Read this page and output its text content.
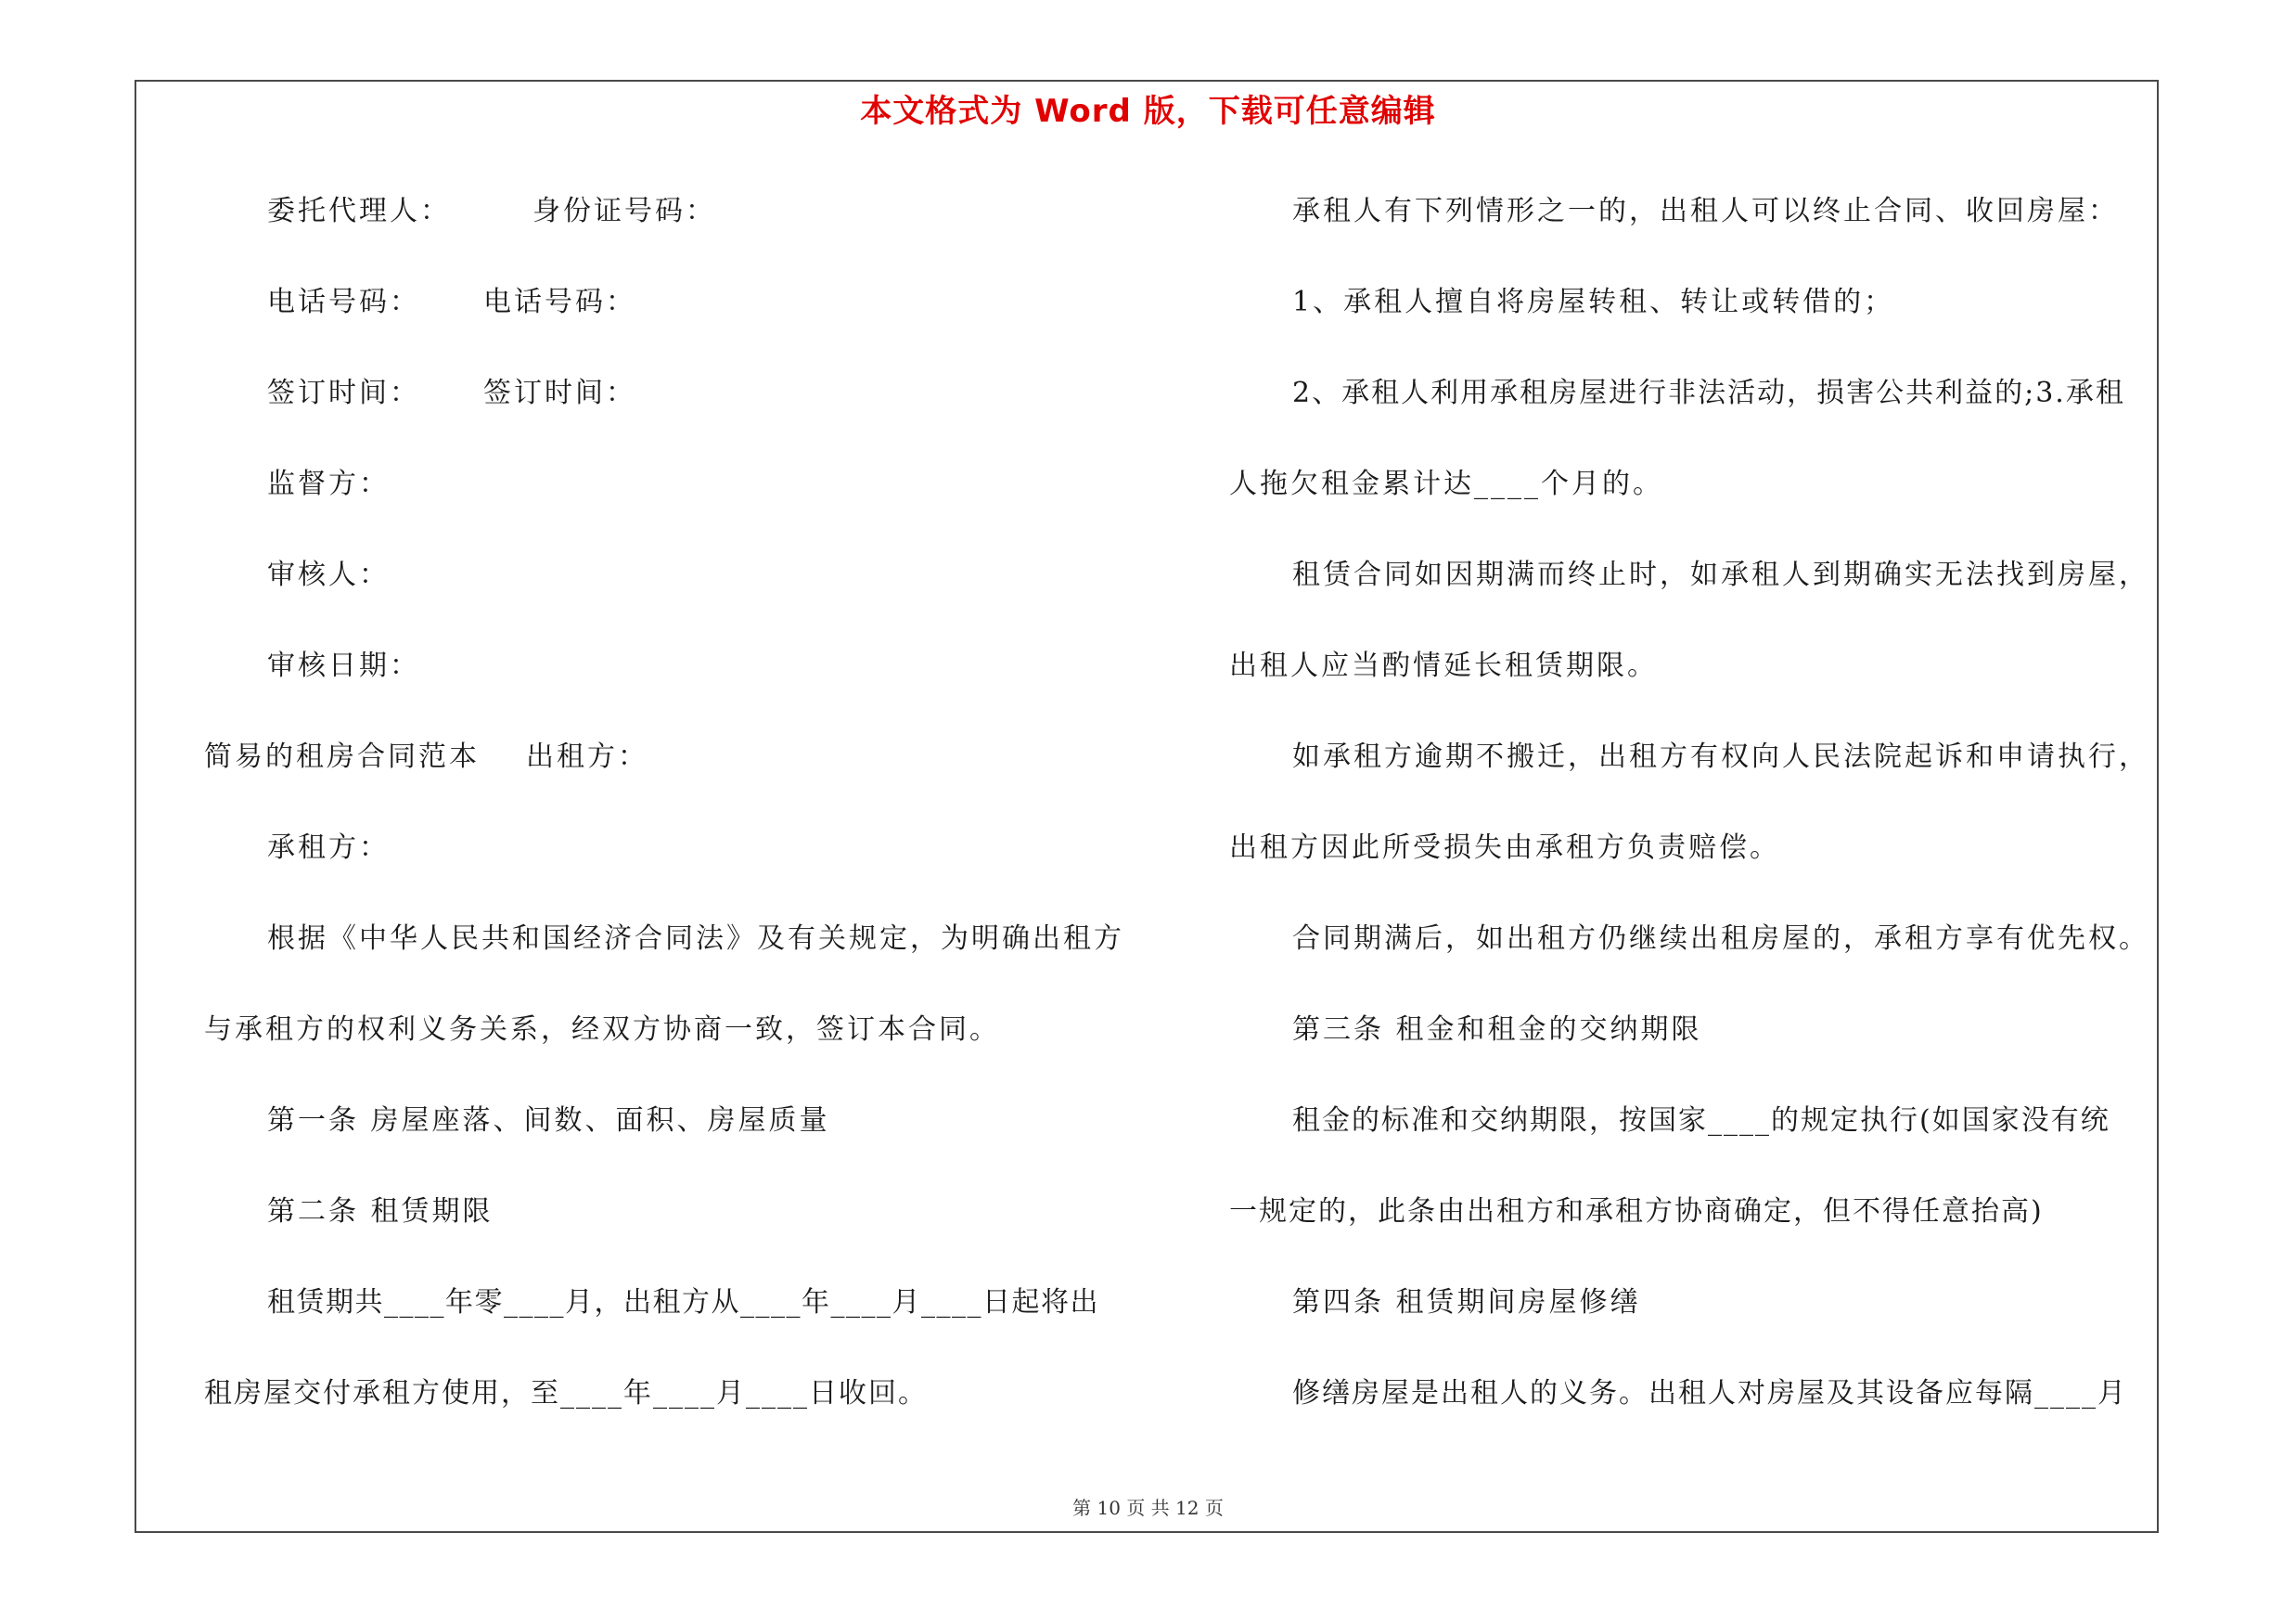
本文格式为 Word 版，下载可任意编辑
委托代理人：	身份证号码：
电话号码： 电话号码：
签订时间： 签订时间：
监督方：
审核人：
审核日期：
简易的租房合同范本 出租方：
承租方：
根据《中华人民共和国经济合同法》及有关规定，为明确出租方
与承租方的权利义务关系，经双方协商一致，签订本合同。
第一条 房屋座落、间数、面积、房屋质量
第二条 租赁期限
租赁期共____年零____月，出租方从____年____月____日起将出
租房屋交付承租方使用，至____年____月____日收回。
承租人有下列情形之一的，出租人可以终止合同、收回房屋：
1、承租人擅自将房屋转租、转让或转借的；
2、承租人利用承租房屋进行非法活动，损害公共利益的;3.承租
人拖欠租金累计达____个月的。
租赁合同如因期满而终止时，如承租人到期确实无法找到房屋，
出租人应当酌情延长租赁期限。
如承租方逾期不搬迁，出租方有权向人民法院起诉和申请执行，
出租方因此所受损失由承租方负责赔偿。
合同期满后，如出租方仍继续出租房屋的，承租方享有优先权。
第三条 租金和租金的交纳期限
租金的标准和交纳期限，按国家____的规定执行(如国家没有统
一规定的，此条由出租方和承租方协商确定，但不得任意抬高)
第四条 租赁期间房屋修缮
修缮房屋是出租人的义务。出租人对房屋及其设备应每隔____月
第 10 页 共 12 页
